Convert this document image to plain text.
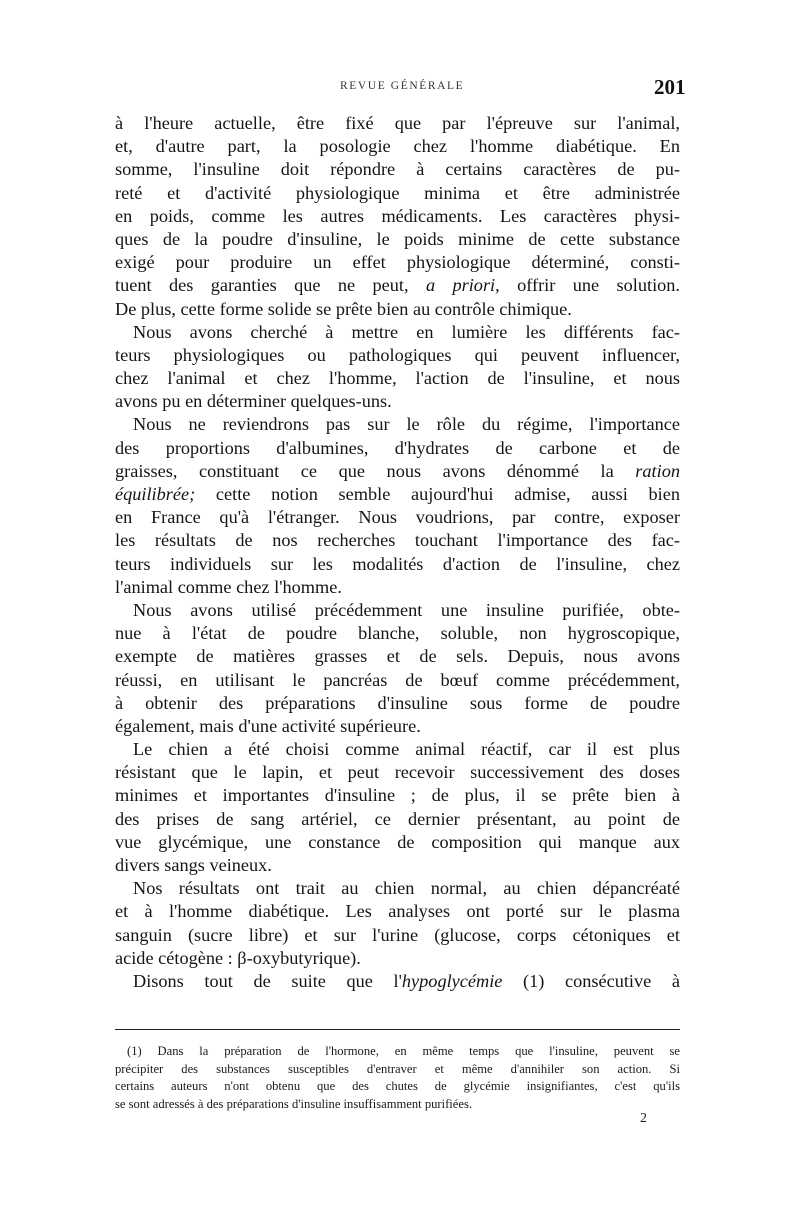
REVUE GÉNÉRALE	201
à l'heure actuelle, être fixé que par l'épreuve sur l'animal,
et, d'autre part, la posologie chez l'homme diabétique. En
somme, l'insuline doit répondre à certains caractères de pu-
reté et d'activité physiologique minima et être administrée
en poids, comme les autres médicaments. Les caractères physi-
ques de la poudre d'insuline, le poids minime de cette substance
exigé pour produire un effet physiologique déterminé, consti-
tuent des garanties que ne peut, a priori, offrir une solution.
De plus, cette forme solide se prête bien au contrôle chimique.
Nous avons cherché à mettre en lumière les différents fac-
teurs physiologiques ou pathologiques qui peuvent influencer,
chez l'animal et chez l'homme, l'action de l'insuline, et nous
avons pu en déterminer quelques-uns.
Nous ne reviendrons pas sur le rôle du régime, l'importance
des proportions d'albumines, d'hydrates de carbone et de
graisses, constituant ce que nous avons dénommé la ration
équilibrée; cette notion semble aujourd'hui admise, aussi bien
en France qu'à l'étranger. Nous voudrions, par contre, exposer
les résultats de nos recherches touchant l'importance des fac-
teurs individuels sur les modalités d'action de l'insuline, chez
l'animal comme chez l'homme.
Nous avons utilisé précédemment une insuline purifiée, obte-
nue à l'état de poudre blanche, soluble, non hygroscopique,
exempte de matières grasses et de sels. Depuis, nous avons
réussi, en utilisant le pancréas de bœuf comme précédemment,
à obtenir des préparations d'insuline sous forme de poudre
également, mais d'une activité supérieure.
Le chien a été choisi comme animal réactif, car il est plus
résistant que le lapin, et peut recevoir successivement des doses
minimes et importantes d'insuline ; de plus, il se prête bien à
des prises de sang artériel, ce dernier présentant, au point de
vue glycémique, une constance de composition qui manque aux
divers sangs veineux.
Nos résultats ont trait au chien normal, au chien dépancréaté
et à l'homme diabétique. Les analyses ont porté sur le plasma
sanguin (sucre libre) et sur l'urine (glucose, corps cétoniques et
acide cétogène : β-oxybutyrique).
Disons tout de suite que l'hypoglycémie (1) consécutive à
(1) Dans la préparation de l'hormone, en même temps que l'insuline, peuvent se
précipiter des substances susceptibles d'entraver et même d'annihiler son action. Si
certains auteurs n'ont obtenu que des chutes de glycémie insignifiantes, c'est qu'ils
se sont adressés à des préparations d'insuline insuffisamment purifiées.
2
